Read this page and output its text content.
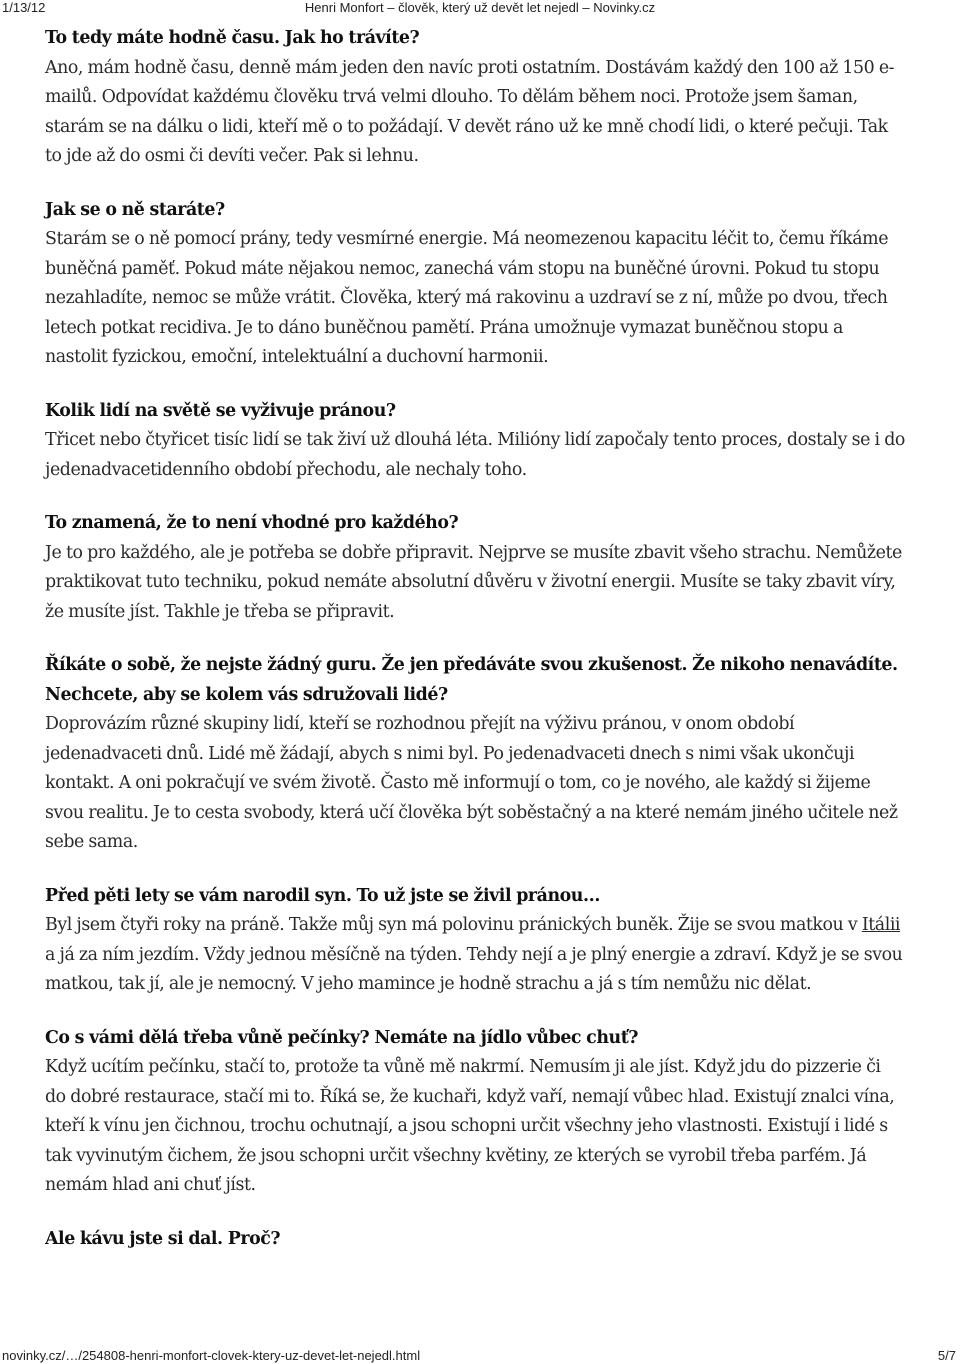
1/13/12	Henri Monfort – člověk, který už devět let nejedl – Novinky.cz

To tedy máte hodně času. Jak ho trávíte?

Ano, mám hodně času, denně mám jeden den navíc proti ostatním. Dostávám každý den 100 až 150 e-mailů. Odpovídat každému člověku trvá velmi dlouho. To dělám během noci. Protože jsem šaman, starám se na dálku o lidi, kteří mě o to požádají. V devět ráno už ke mně chodí lidi, o které pečuji. Tak to jde až do osmi či devíti večer. Pak si lehnu.

Jak se o ně staráte?

Starám se o ně pomocí prány, tedy vesmírné energie. Má neomezenou kapacitu léčit to, čemu říkáme buněčná paměť. Pokud máte nějakou nemoc, zanechá vám stopu na buněčné úrovni. Pokud tu stopu nezahladíte, nemoc se může vrátit. Člověka, který má rakovinu a uzdraví se z ní, může po dvou, třech letech potkat recidiva. Je to dáno buněčnou pamětí. Prána umožnuje vymazat buněčnou stopu a nastolit fyzickou, emoční, intelektuální a duchovní harmonii.

Kolik lidí na světě se vyživuje pránou?

Třicet nebo čtyřicet tisíc lidí se tak živí už dlouhá léta. Milióny lidí započaly tento proces, dostaly se i do jedenadvacetidenního období přechodu, ale nechaly toho.

To znamená, že to není vhodné pro každého?

Je to pro každého, ale je potřeba se dobře připravit. Nejprve se musíte zbavit všeho strachu. Nemůžete praktikovat tuto techniku, pokud nemáte absolutní důvěru v životní energii. Musíte se taky zbavit víry, že musíte jíst. Takhle je třeba se připravit.

Říkáte o sobě, že nejste žádný guru. Že jen předáváte svou zkušenost. Že nikoho nenavádíte. Nechcete, aby se kolem vás sdružovali lidé?

Doprovázím různé skupiny lidí, kteří se rozhodnou přejít na výživu pránou, v onom období jedenadvaceti dnů. Lidé mě žádají, abych s nimi byl. Po jedenadvaceti dnech s nimi však ukončuji kontakt. A oni pokračují ve svém životě. Často mě informují o tom, co je nového, ale každý si žijeme svou realitu. Je to cesta svobody, která učí člověka být soběstačný a na které nemám jiného učitele než sebe sama.

Před pěti lety se vám narodil syn. To už jste se živil pránou…

Byl jsem čtyři roky na práně. Takže můj syn má polovinu pránických buněk. Žije se svou matkou v Itálii a já za ním jezdím. Vždy jednou měsíčně na týden. Tehdy nejí a je plný energie a zdraví. Když je se svou matkou, tak jí, ale je nemocný. V jeho mamince je hodně strachu a já s tím nemůžu nic dělat.

Co s vámi dělá třeba vůně pečínky? Nemáte na jídlo vůbec chuť?

Když ucítím pečínku, stačí to, protože ta vůně mě nakrmí. Nemusím ji ale jíst. Když jdu do pizzerie či do dobré restaurace, stačí mi to. Říká se, že kuchaři, když vaří, nemají vůbec hlad. Existují znalci vína, kteří k vínu jen čichnou, trochu ochutnají, a jsou schopni určit všechny jeho vlastnosti. Existují i lidé s tak vyvinutým čichem, že jsou schopni určit všechny květiny, ze kterých se vyrobil třeba parfém. Já nemám hlad ani chuť jíst.

Ale kávu jste si dal. Proč?

novinky.cz/…/254808-henri-monfort-clovek-ktery-uz-devet-let-nejedl.html	5/7
